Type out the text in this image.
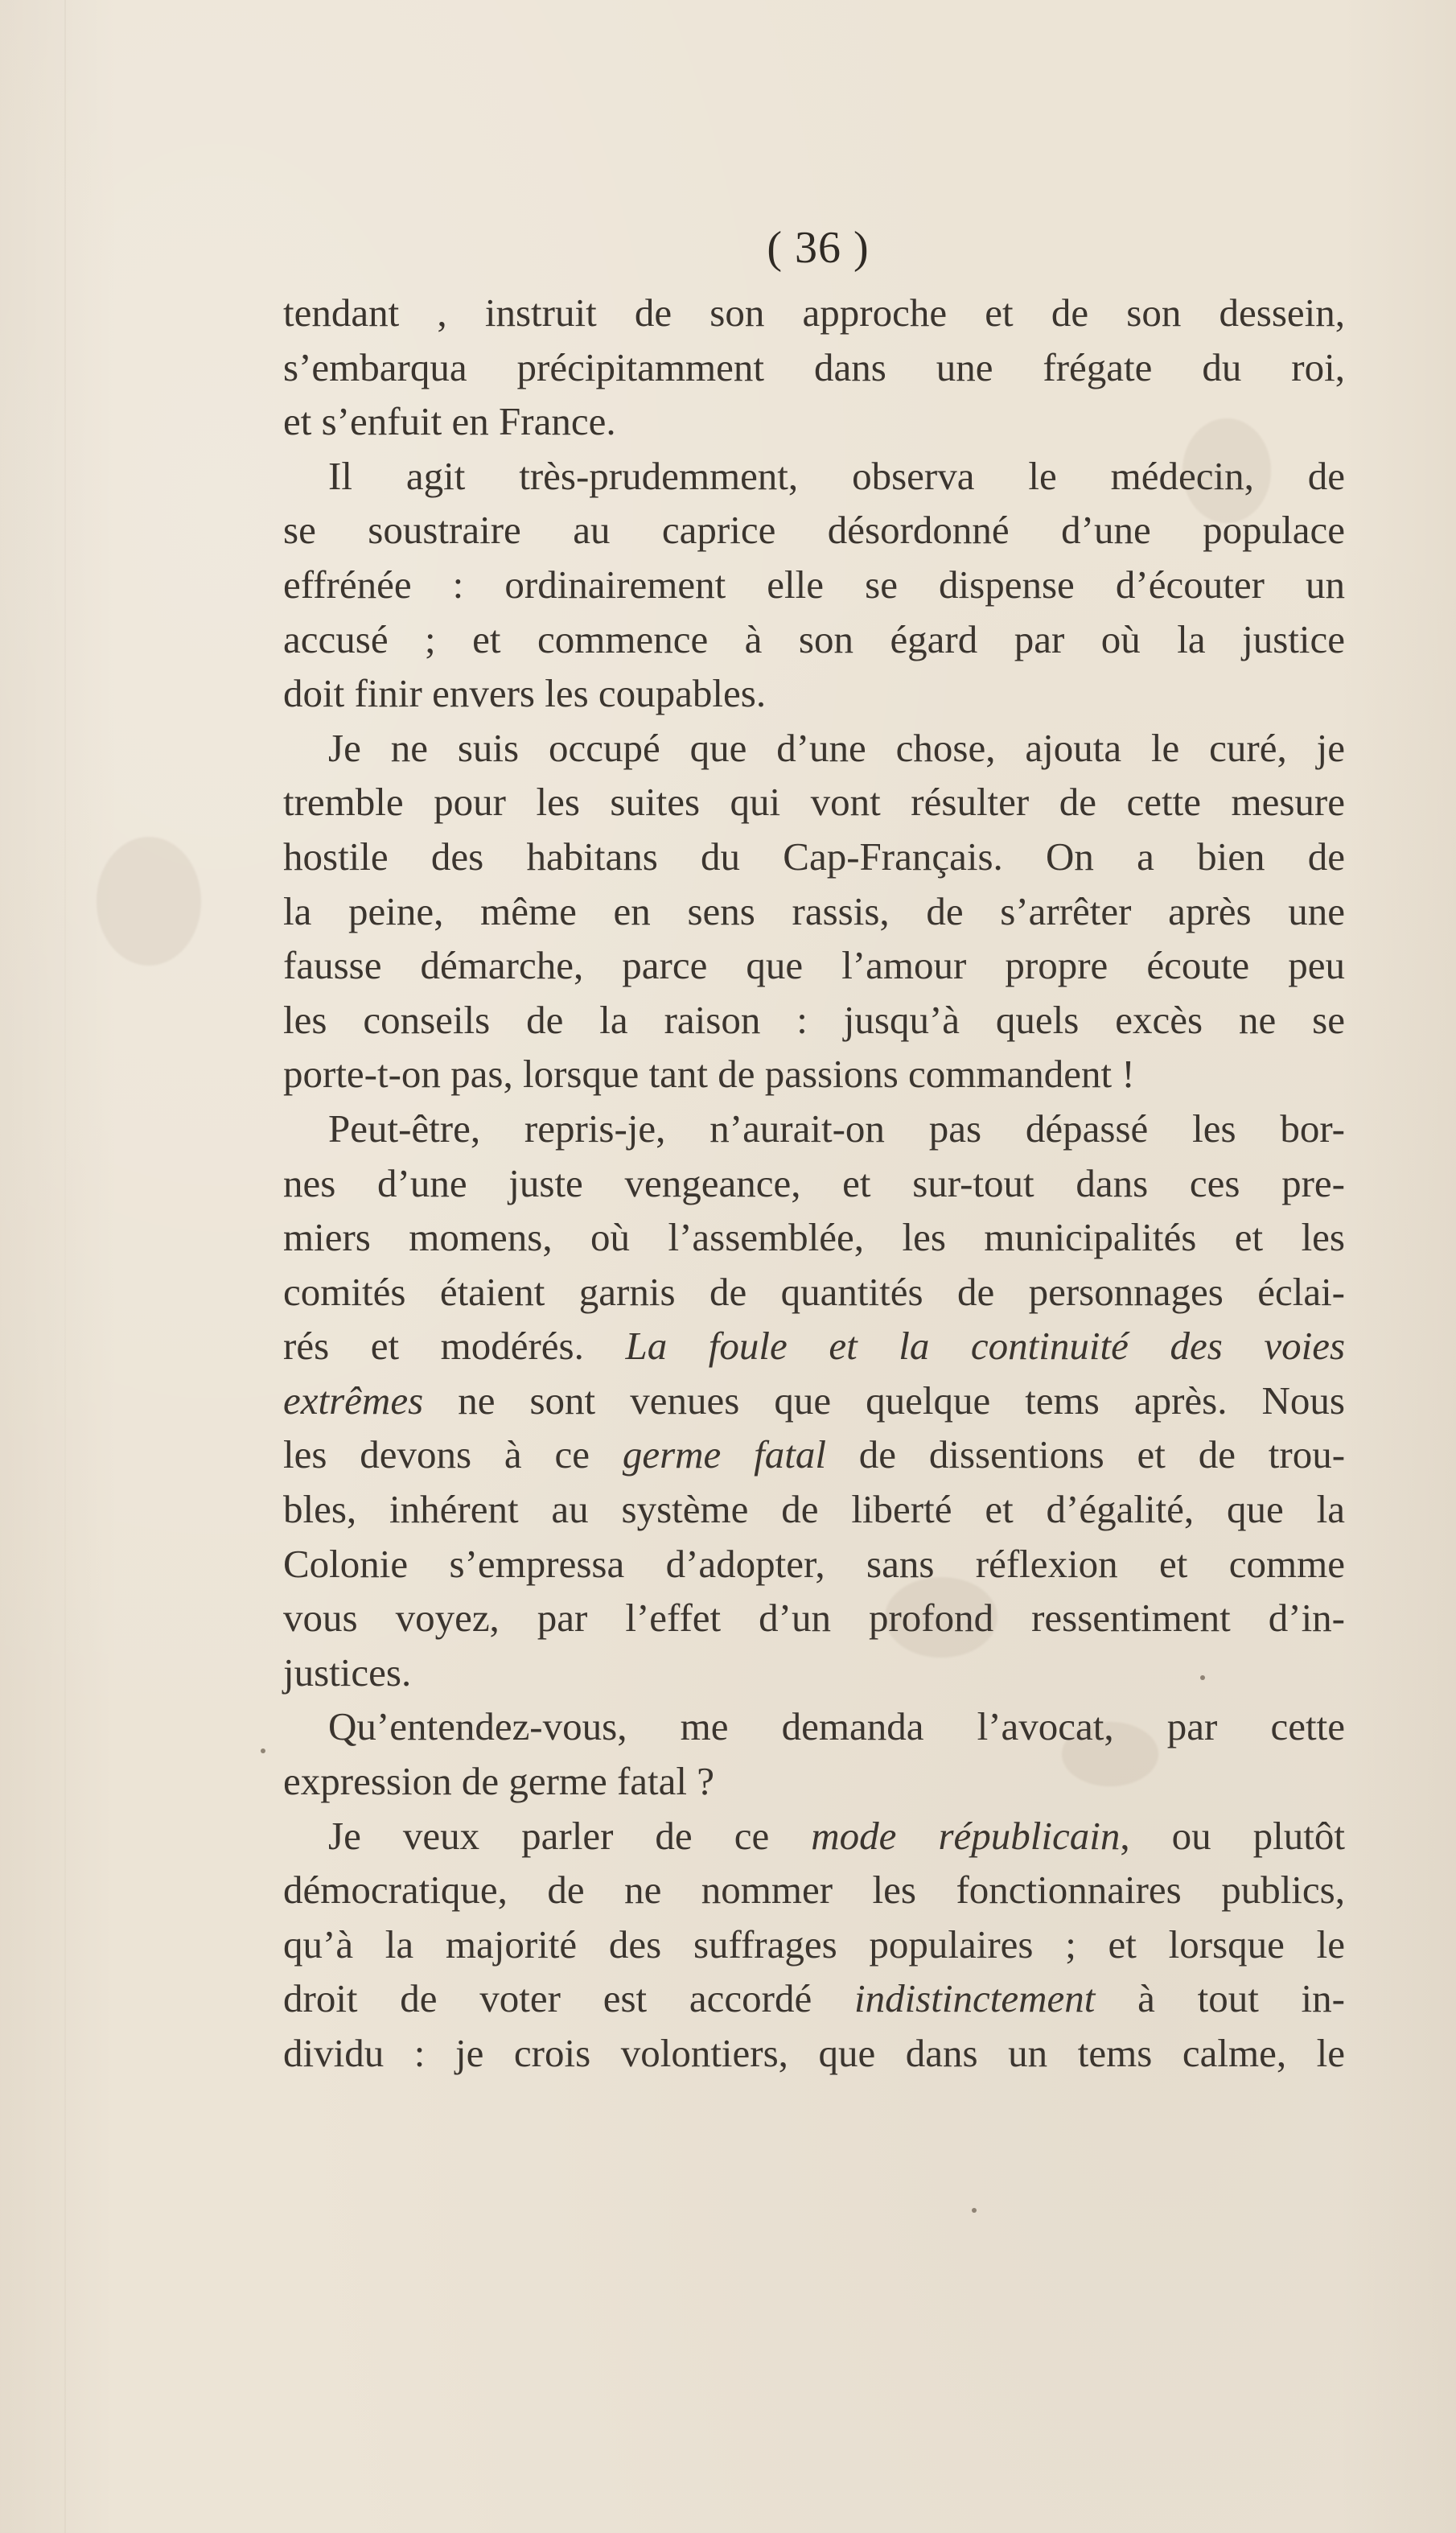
( 36 )
tendant , instruit de son approche et de son dessein,
s’embarqua précipitamment dans une frégate du roi,
et s’enfuit en France.
Il agit très-prudemment, observa le médecin, de
se soustraire au caprice désordonné d’une populace
effrénée : ordinairement elle se dispense d’écouter un
accusé ; et commence à son égard par où la justice
doit finir envers les coupables.
Je ne suis occupé que d’une chose, ajouta le curé, je
tremble pour les suites qui vont résulter de cette mesure
hostile des habitans du Cap-Français. On a bien de
la peine, même en sens rassis, de s’arrêter après une
fausse démarche, parce que l’amour propre écoute peu
les conseils de la raison : jusqu’à quels excès ne se
porte-t-on pas, lorsque tant de passions commandent !
Peut-être, repris-je, n’aurait-on pas dépassé les bor-
nes d’une juste vengeance, et sur-tout dans ces pre-
miers momens, où l’assemblée, les municipalités et les
comités étaient garnis de quantités de personnages éclai-
rés et modérés. La foule et la continuité des voies
extrêmes ne sont venues que quelque tems après. Nous
les devons à ce germe fatal de dissentions et de trou-
bles, inhérent au système de liberté et d’égalité, que la
Colonie s’empressa d’adopter, sans réflexion et comme
vous voyez, par l’effet d’un profond ressentiment d’in-
justices.
Qu’entendez-vous, me demanda l’avocat, par cette
expression de germe fatal ?
Je veux parler de ce mode républicain, ou plutôt
démocratique, de ne nommer les fonctionnaires publics,
qu’à la majorité des suffrages populaires ; et lorsque le
droit de voter est accordé indistinctement à tout in-
dividu : je crois volontiers, que dans un tems calme, le
